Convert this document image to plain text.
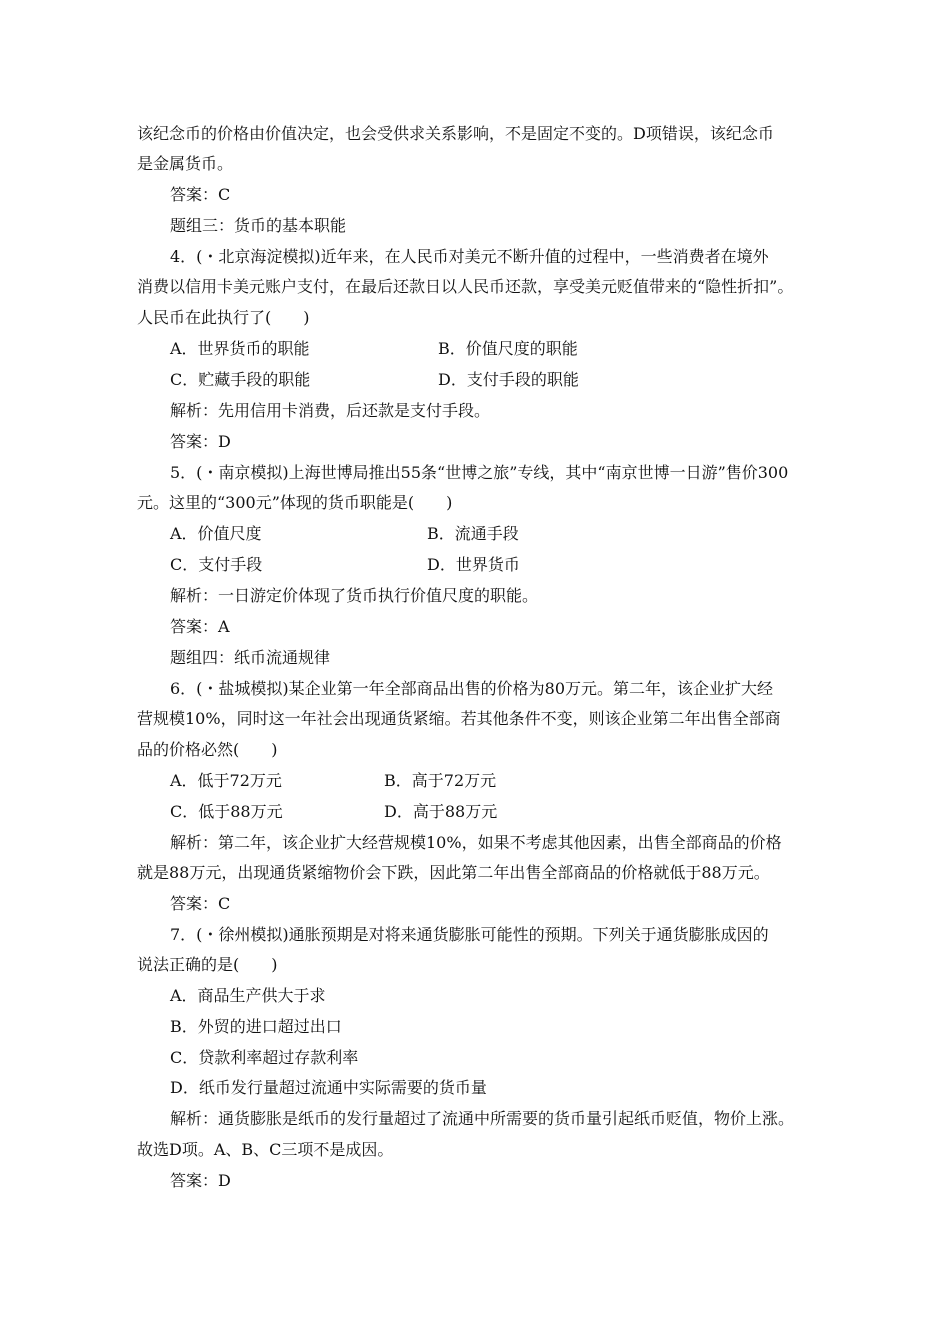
该纪念币的价格由价值决定，也会受供求关系影响，不是固定不变的。D项错误，该纪念币
是金属货币。
答案：C
题组三：货币的基本职能
4．(・北京海淀模拟)近年来，在人民币对美元不断升值的过程中，一些消费者在境外
消费以信用卡美元账户支付，在最后还款日以人民币还款，享受美元贬值带来的“隐性折扣”。
人民币在此执行了(　　)
A．世界货币的职能	B．价值尺度的职能
C．贮藏手段的职能	D．支付手段的职能
解析：先用信用卡消费，后还款是支付手段。
答案：D
5．(・南京模拟)上海世博局推出55条“世博之旅”专线，其中“南京世博一日游”售价300
元。这里的“300元”体现的货币职能是(　　)
A．价值尺度	B．流通手段
C．支付手段	D．世界货币
解析：一日游定价体现了货币执行价值尺度的职能。
答案：A
题组四：纸币流通规律
6．(・盐城模拟)某企业第一年全部商品出售的价格为80万元。第二年，该企业扩大经
营规模10%，同时这一年社会出现通货紧缩。若其他条件不变，则该企业第二年出售全部商
品的价格必然(　　)
A．低于72万元	B．高于72万元
C．低于88万元	D．高于88万元
解析：第二年，该企业扩大经营规模10%，如果不考虑其他因素，出售全部商品的价格
就是88万元，出现通货紧缩物价会下跌，因此第二年出售全部商品的价格就低于88万元。
答案：C
7．(・徐州模拟)通胀预期是对将来通货膨胀可能性的预期。下列关于通货膨胀成因的
说法正确的是(　　)
A．商品生产供大于求
B．外贸的进口超过出口
C．贷款利率超过存款利率
D．纸币发行量超过流通中实际需要的货币量
解析：通货膨胀是纸币的发行量超过了流通中所需要的货币量引起纸币贬值，物价上涨。
故选D项。A、B、C三项不是成因。
答案：D
